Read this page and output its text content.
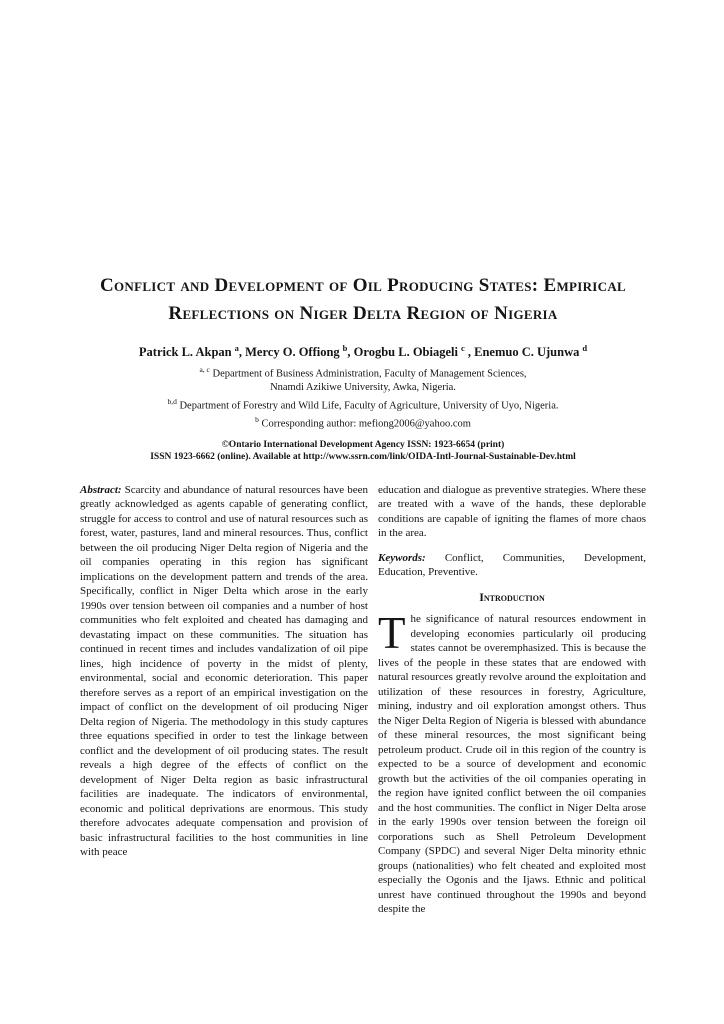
Conflict and Development of Oil Producing States: Empirical Reflections on Niger Delta Region of Nigeria
Patrick L. Akpan $^a$, Mercy O. Offiong $^b$, Orogbu L. Obiageli $^c$ , Enemuo C. Ujunwa $^d$
$^{a, c}$ Department of Business Administration, Faculty of Management Sciences,
Nnamdi Azikiwe University, Awka, Nigeria.
$^{b,d}$ Department of Forestry and Wild Life, Faculty of Agriculture, University of Uyo, Nigeria.
$^b$ Corresponding author: mefiong2006@yahoo.com
©Ontario International Development Agency ISSN: 1923-6654 (print)
ISSN 1923-6662 (online). Available at http://www.ssrn.com/link/OIDA-Intl-Journal-Sustainable-Dev.html

Abstract: Scarcity and abundance of natural resources have been greatly acknowledged as agents capable of generating conflict, struggle for access to control and use of natural resources such as forest, water, pastures, land and mineral resources. Thus, conflict between the oil producing Niger Delta region of Nigeria and the oil companies operating in this region has significant implications on the development pattern and trends of the area. Specifically, conflict in Niger Delta which arose in the early 1990s over tension between oil companies and a number of host communities who felt exploited and cheated has damaging and devastating impact on these communities. The situation has continued in recent times and includes vandalization of oil pipe lines, high incidence of poverty in the midst of plenty, environmental, social and economic deterioration. This paper therefore serves as a report of an empirical investigation on the impact of conflict on the development of oil producing Niger Delta region of Nigeria. The methodology in this study captures three equations specified in order to test the linkage between conflict and the development of oil producing states. The result reveals a high degree of the effects of conflict on the development of Niger Delta region as basic infrastructural facilities are inadequate. The indicators of environmental, economic and political deprivations are enormous. This study therefore advocates adequate compensation and provision of basic infrastructural facilities to the host communities in line with peace

education and dialogue as preventive strategies. Where these are treated with a wave of the hands, these deplorable conditions are capable of igniting the flames of more chaos in the area.

Keywords: Conflict, Communities, Development, Education, Preventive.

Introduction

The significance of natural resources endowment in developing economies particularly oil producing states cannot be overemphasized. This is because the lives of the people in these states that are endowed with natural resources greatly revolve around the exploitation and utilization of these resources in forestry, Agriculture, mining, industry and oil exploration amongst others. Thus the Niger Delta Region of Nigeria is blessed with abundance of these mineral resources, the most significant being petroleum product. Crude oil in this region of the country is expected to be a source of development and economic growth but the activities of the oil companies operating in the region have ignited conflict between the oil companies and the host communities. The conflict in Niger Delta arose in the early 1990s over tension between the foreign oil corporations such as Shell Petroleum Development Company (SPDC) and several Niger Delta minority ethnic groups (nationalities) who felt cheated and exploited most especially the Ogonis and the Ijaws. Ethnic and political unrest have continued throughout the 1990s and beyond despite the
